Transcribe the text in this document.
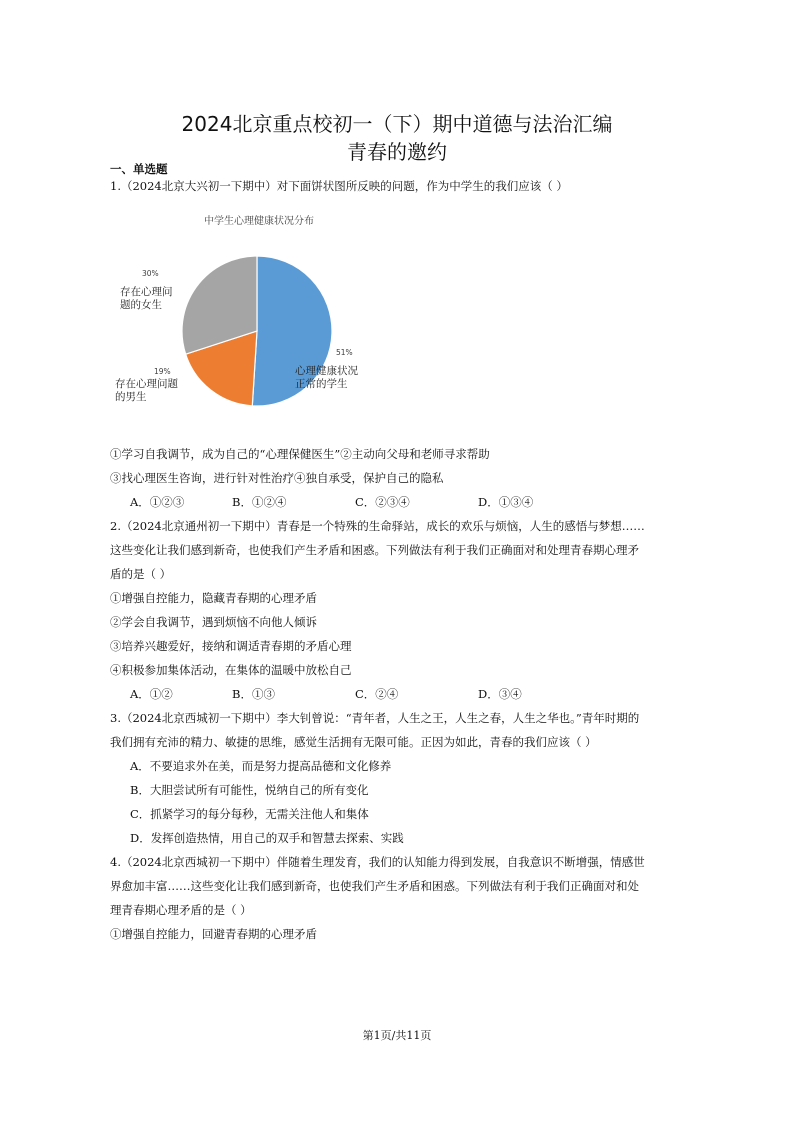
2024北京重点校初一（下）期中道德与法治汇编
青春的邀约
一、单选题
1.（2024北京大兴初一下期中）对下面饼状图所反映的问题，作为中学生的我们应该（ ）
中学生心理健康状况分布
30%
存在心理问
题的女生
51%
心理健康状况
正常的学生
19%
存在心理问题
的男生
①学习自我调节，成为自己的“心理保健医生”②主动向父母和老师寻求帮助
③找心理医生咨询，进行针对性治疗④独自承受，保护自己的隐私
A．①②③	B．①②④	C．②③④	D．①③④
2.（2024北京通州初一下期中）青春是一个特殊的生命驿站，成长的欢乐与烦恼，人生的感悟与梦想……
这些变化让我们感到新奇，也使我们产生矛盾和困惑。下列做法有利于我们正确面对和处理青春期心理矛
盾的是（ ）
①增强自控能力，隐藏青春期的心理矛盾
②学会自我调节，遇到烦恼不向他人倾诉
③培养兴趣爱好，接纳和调适青春期的矛盾心理
④积极参加集体活动，在集体的温暖中放松自己
A．①②	B．①③	C．②④	D．③④
3.（2024北京西城初一下期中）李大钊曾说：“青年者，人生之王，人生之春，人生之华也。”青年时期的
我们拥有充沛的精力、敏捷的思维，感觉生活拥有无限可能。正因为如此，青春的我们应该（ ）
A．不要追求外在美，而是努力提高品德和文化修养
B．大胆尝试所有可能性，悦纳自己的所有变化
C．抓紧学习的每分每秒，无需关注他人和集体
D．发挥创造热情，用自己的双手和智慧去探索、实践
4.（2024北京西城初一下期中）伴随着生理发育，我们的认知能力得到发展，自我意识不断增强，情感世
界愈加丰富……这些变化让我们感到新奇，也使我们产生矛盾和困惑。下列做法有利于我们正确面对和处
理青春期心理矛盾的是（ ）
①增强自控能力，回避青春期的心理矛盾
第1页/共11页
